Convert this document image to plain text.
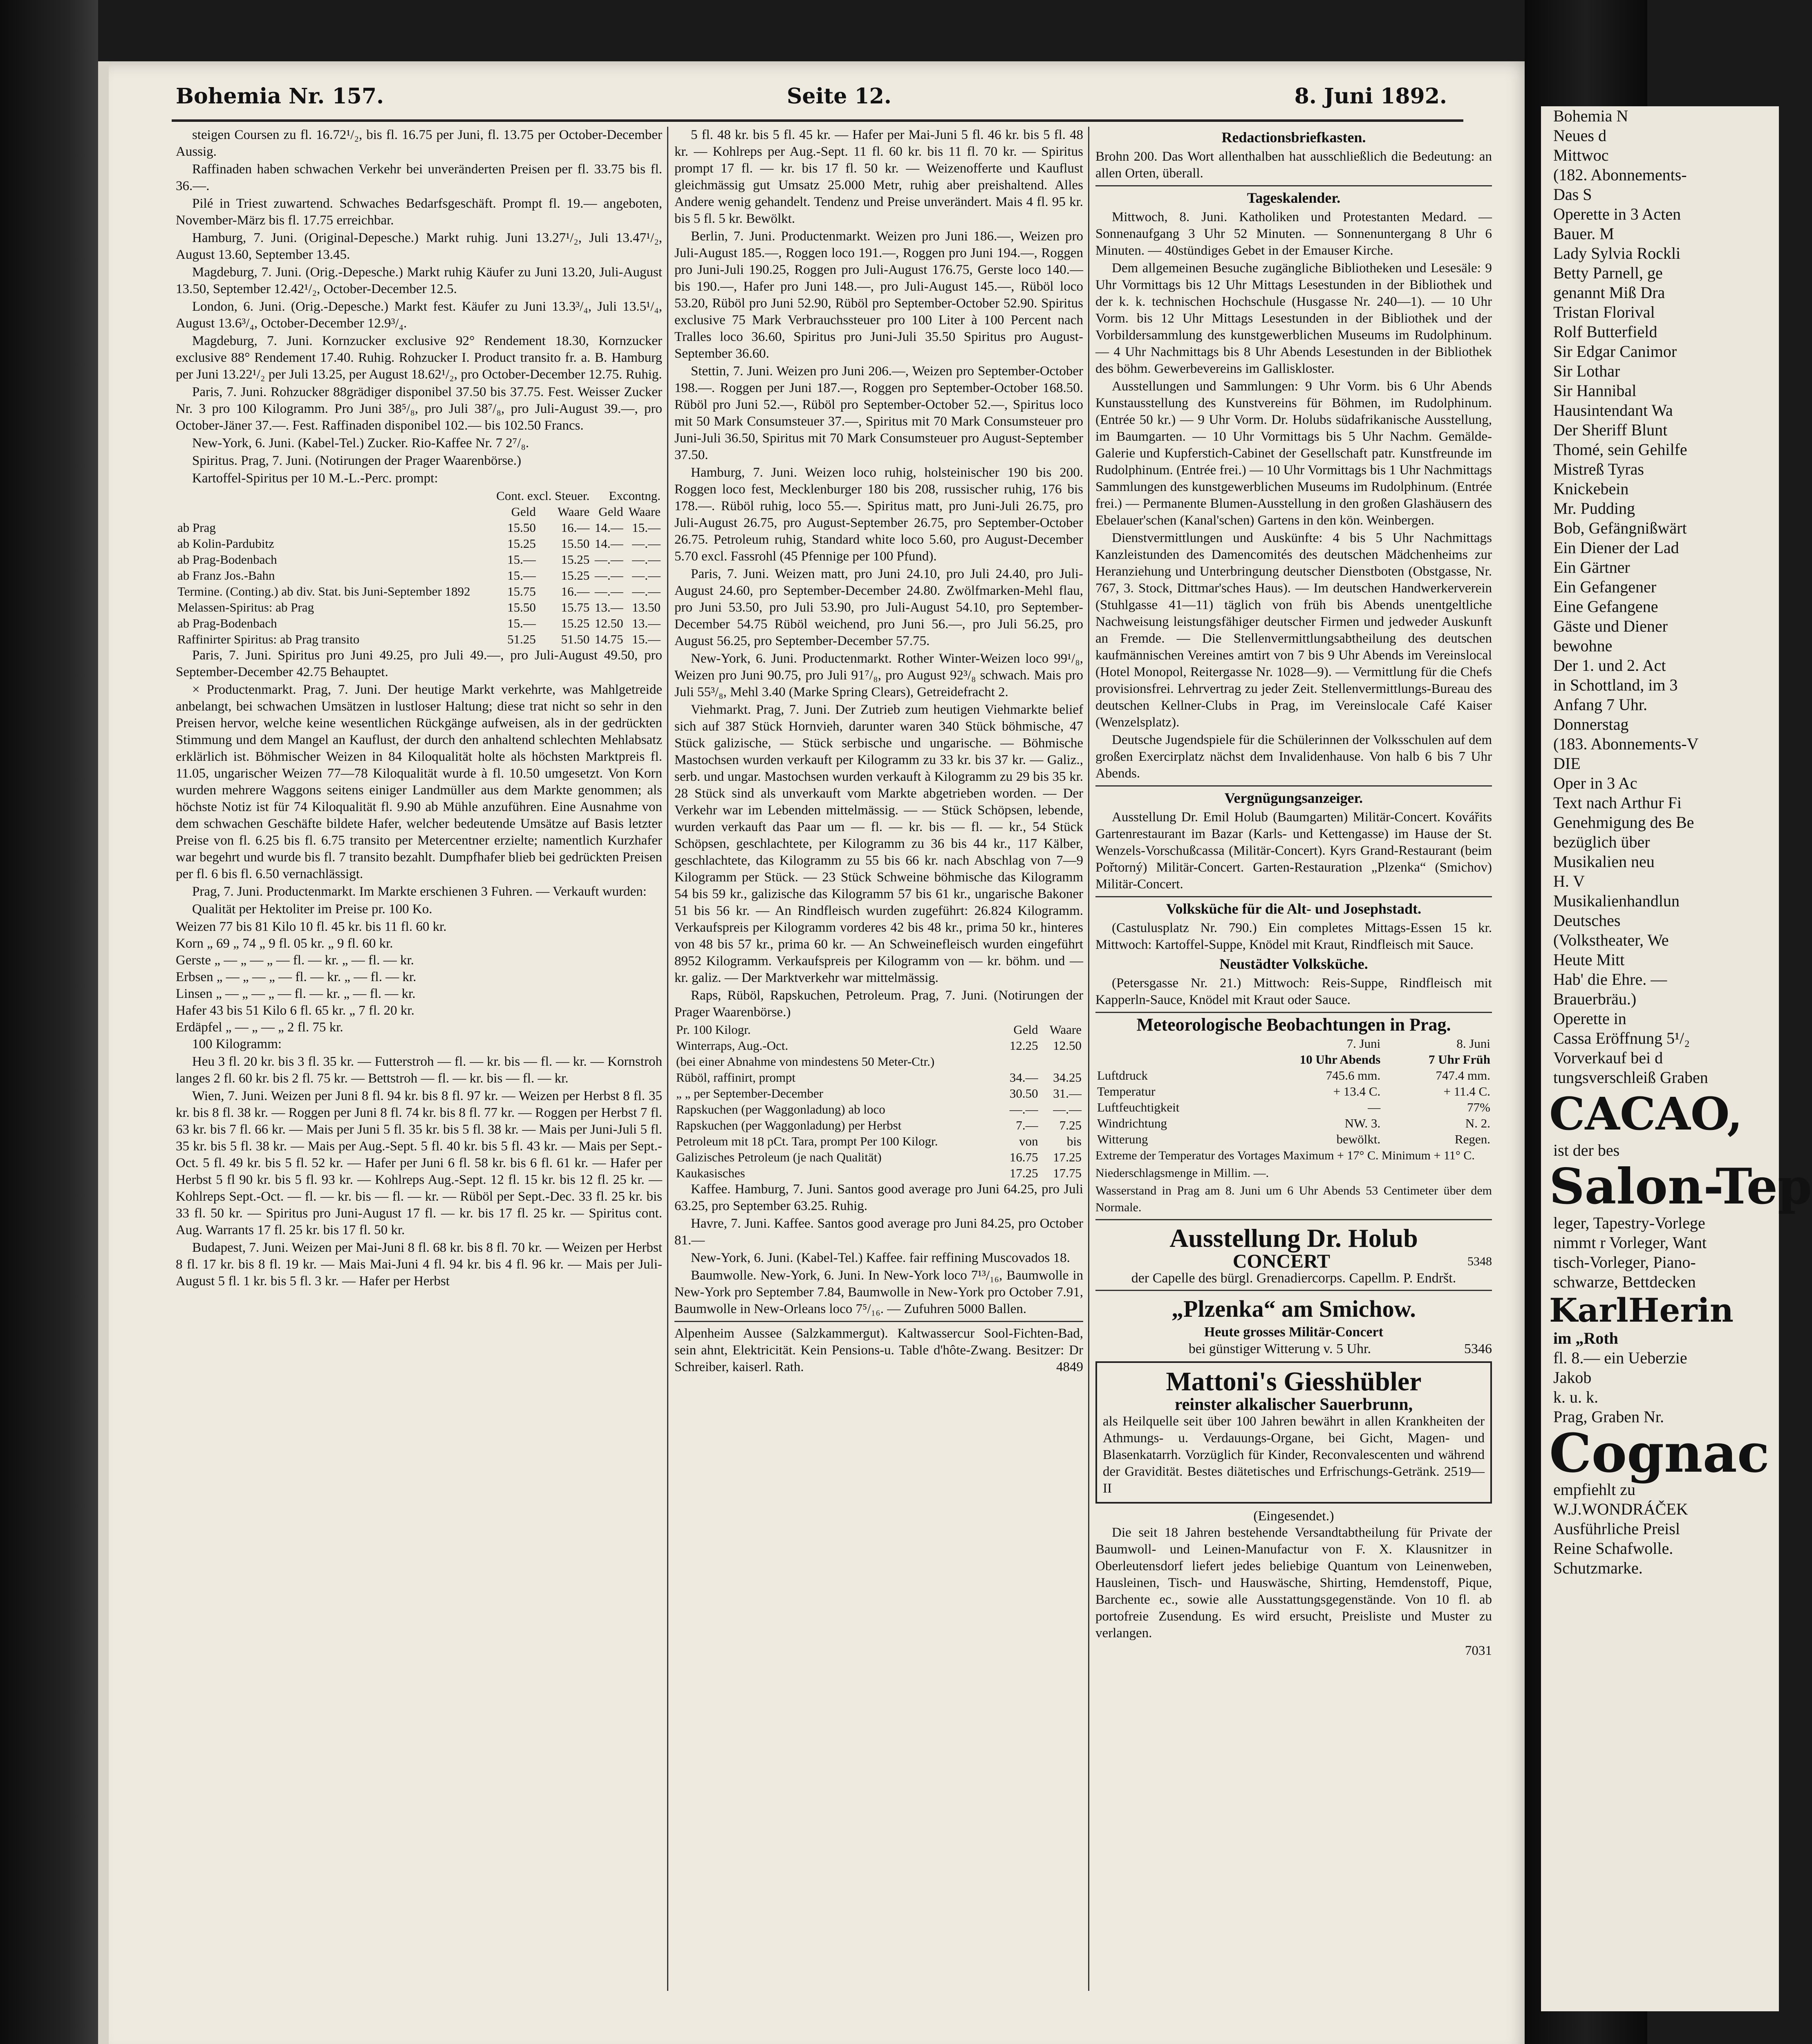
Bohemia Nr. 157.	Seite 12.	8. Juni 1892.

steigen Coursen zu fl. 16.72¹/₂, bis fl. 16.75 per Juni, fl. 13.75 per October-December Aussig.

Raffinaden haben schwachen Verkehr bei unveränderten Preisen per fl. 33.75 bis fl. 36.—.

Pilé in Triest zuwartend. Schwaches Bedarfsgeschäft. Prompt fl. 19.— angeboten, November-März bis fl. 17.75 erreichbar.

Hamburg, 7. Juni. (Original-Depesche.) Markt ruhig. Juni 13.27¹/₂, Juli 13.47¹/₂, August 13.60, September 13.45.

Magdeburg, 7. Juni. (Orig.-Depesche.) Markt ruhig Käufer zu Juni 13.20, Juli-August 13.50, September 12.42¹/₂, October-December 12.5.

London, 6. Juni. (Orig.-Depesche.) Markt fest. Käufer zu Juni 13.3³/₄, Juli 13.5¹/₄, August 13.6³/₄, October-December 12.9³/₄.

Magdeburg, 7. Juni. Kornzucker exclusive 92° Rendement 18.30, Kornzucker exclusive 88° Rendement 17.40. Ruhig. Rohzucker I. Product transito fr. a. B. Hamburg per Juni 13.22¹/₂ per Juli 13.25, per August 18.62¹/₂, pro October-December 12.75. Ruhig.

Paris, 7. Juni. Rohzucker 88grädiger disponibel 37.50 bis 37.75. Fest. Weisser Zucker Nr. 3 pro 100 Kilogramm. Pro Juni 38⁵/₈, pro Juli 38⁷/₈, pro Juli-August 39.—, pro October-Jäner 37.—. Fest. Raffinaden disponibel 102.— bis 102.50 Francs.

New-York, 6. Juni. (Kabel-Tel.) Zucker. Rio-Kaffee Nr. 7 2⁷/₈.

Spiritus. Prag, 7. Juni. (Notirungen der Prager Waarenbörse.)

Kartoffel-Spiritus per 10 M.-L.-Perc. prompt:

	Cont. excl. Steuer.		Excontng.	
	Geld	Waare	Geld	Waare
ab Prag	15.50	16.—	14.—	15.—
ab Kolin-Pardubitz	15.25	15.50	14.—	—.—
ab Prag-Bodenbach	15.—	15.25	—.—	—.—
ab Franz Jos.-Bahn	15.—	15.25	—.—	—.—
Termine. (Conting.) ab div. Stat. bis Juni-September 1892	15.75	16.—	—.—	—.—
Melassen-Spiritus: ab Prag	15.50	15.75	13.—	13.50
ab Prag-Bodenbach	15.—	15.25	12.50	13.—
Raffinirter Spiritus: ab Prag transito	51.25	51.50	14.75	15.—

Paris, 7. Juni. Spiritus pro Juni 49.25, pro Juli 49.—, pro Juli-August 49.50, pro September-December 42.75 Behauptet.

× Productenmarkt. Prag, 7. Juni. Der heutige Markt verkehrte, was Mahlgetreide anbelangt, bei schwachen Umsätzen in lustloser Haltung; diese trat nicht so sehr in den Preisen hervor, welche keine wesentlichen Rückgänge aufweisen, als in der gedrückten Stimmung und dem Mangel an Kauflust, der durch den anhaltend schlechten Mehlabsatz erklärlich ist. Böhmischer Weizen in 84 Kiloqualität holte als höchsten Marktpreis fl. 11.05, ungarischer Weizen 77—78 Kiloqualität wurde à fl. 10.50 umgesetzt. Von Korn wurden mehrere Waggons seitens einiger Landmüller aus dem Markte genommen; als höchste Notiz ist für 74 Kiloqualität fl. 9.90 ab Mühle anzuführen. Eine Ausnahme von dem schwachen Geschäfte bildete Hafer, welcher bedeutende Umsätze auf Basis letzter Preise von fl. 6.25 bis fl. 6.75 transito per Metercentner erzielte; namentlich Kurzhafer war begehrt und wurde bis fl. 7 transito bezahlt. Dumpfhafer blieb bei gedrückten Preisen per fl. 6 bis fl. 6.50 vernachlässigt.

Prag, 7. Juni. Productenmarkt. Im Markte erschienen 3 Fuhren. — Verkauft wurden:

Qualität per Hektoliter im Preise pr. 100 Ko.

Weizen 77 bis 81 Kilo 10 fl. 45 kr. bis 11 fl. 60 kr.
Korn „ 69 „ 74 „ 9 fl. 05 kr. „ 9 fl. 60 kr.
Gerste „ — „ — „ — fl. — kr. „ — fl. — kr.
Erbsen „ — „ — „ — fl. — kr. „ — fl. — kr.
Linsen „ — „ — „ — fl. — kr. „ — fl. — kr.
Hafer 43 bis 51 Kilo 6 fl. 65 kr. „ 7 fl. 20 kr.
Erdäpfel „ — „ — „ 2 fl. 75 kr.

100 Kilogramm:

Heu 3 fl. 20 kr. bis 3 fl. 35 kr. — Futterstroh — fl. — kr. bis — fl. — kr. — Kornstroh langes 2 fl. 60 kr. bis 2 fl. 75 kr. — Bettstroh — fl. — kr. bis — fl. — kr.

Wien, 7. Juni. Weizen per Juni 8 fl. 94 kr. bis 8 fl. 97 kr. — Weizen per Herbst 8 fl. 35 kr. bis 8 fl. 38 kr. — Roggen per Juni 8 fl. 74 kr. bis 8 fl. 77 kr. — Roggen per Herbst 7 fl. 63 kr. bis 7 fl. 66 kr. — Mais per Juni 5 fl. 35 kr. bis 5 fl. 38 kr. — Mais per Juni-Juli 5 fl. 35 kr. bis 5 fl. 38 kr. — Mais per Aug.-Sept. 5 fl. 40 kr. bis 5 fl. 43 kr. — Mais per Sept.-Oct. 5 fl. 49 kr. bis 5 fl. 52 kr. — Hafer per Juni 6 fl. 58 kr. bis 6 fl. 61 kr. — Hafer per Herbst 5 fl 90 kr. bis 5 fl. 93 kr. — Kohlreps Aug.-Sept. 12 fl. 15 kr. bis 12 fl. 25 kr. — Kohlreps Sept.-Oct. — fl. — kr. bis — fl. — kr. — Rüböl per Sept.-Dec. 33 fl. 25 kr. bis 33 fl. 50 kr. — Spiritus pro Juni-August 17 fl. — kr. bis 17 fl. 25 kr. — Spiritus cont. Aug. Warrants 17 fl. 25 kr. bis 17 fl. 50 kr.

Budapest, 7. Juni. Weizen per Mai-Juni 8 fl. 68 kr. bis 8 fl. 70 kr. — Weizen per Herbst 8 fl. 17 kr. bis 8 fl. 19 kr. — Mais Mai-Juni 4 fl. 94 kr. bis 4 fl. 96 kr. — Mais per Juli-August 5 fl. 1 kr. bis 5 fl. 3 kr. — Hafer per Herbst

5 fl. 48 kr. bis 5 fl. 45 kr. — Hafer per Mai-Juni 5 fl. 46 kr. bis 5 fl. 48 kr. — Kohlreps per Aug.-Sept. 11 fl. 60 kr. bis 11 fl. 70 kr. — Spiritus prompt 17 fl. — kr. bis 17 fl. 50 kr. — Weizenofferte und Kauflust gleichmässig gut Umsatz 25.000 Metr, ruhig aber preishaltend. Alles Andere wenig gehandelt. Tendenz und Preise unverändert. Mais 4 fl. 95 kr. bis 5 fl. 5 kr. Bewölkt.

Berlin, 7. Juni. Productenmarkt. Weizen pro Juni 186.—, Weizen pro Juli-August 185.—, Roggen loco 191.—, Roggen pro Juni 194.—, Roggen pro Juni-Juli 190.25, Roggen pro Juli-August 176.75, Gerste loco 140.— bis 190.—, Hafer pro Juni 148.—, pro Juli-August 145.—, Rüböl loco 53.20, Rüböl pro Juni 52.90, Rüböl pro September-October 52.90. Spiritus exclusive 75 Mark Verbrauchssteuer pro 100 Liter à 100 Percent nach Tralles loco 36.60, Spiritus pro Juni-Juli 35.50 Spiritus pro August-September 36.60.

Stettin, 7. Juni. Weizen pro Juni 206.—, Weizen pro September-October 198.—. Roggen per Juni 187.—, Roggen pro September-October 168.50. Rüböl pro Juni 52.—, Rüböl pro September-October 52.—, Spiritus loco mit 50 Mark Consumsteuer 37.—, Spiritus mit 70 Mark Consumsteuer pro Juni-Juli 36.50, Spiritus mit 70 Mark Consumsteuer pro August-September 37.50.

Hamburg, 7. Juni. Weizen loco ruhig, holsteinischer 190 bis 200. Roggen loco fest, Mecklenburger 180 bis 208, russischer ruhig, 176 bis 178.—. Rüböl ruhig, loco 55.—. Spiritus matt, pro Juni-Juli 26.75, pro Juli-August 26.75, pro August-September 26.75, pro September-October 26.75. Petroleum ruhig, Standard white loco 5.60, pro August-December 5.70 excl. Fassrohl (45 Pfennige per 100 Pfund).

Paris, 7. Juni. Weizen matt, pro Juni 24.10, pro Juli 24.40, pro Juli-August 24.60, pro September-December 24.80. Zwölfmarken-Mehl flau, pro Juni 53.50, pro Juli 53.90, pro Juli-August 54.10, pro September-December 54.75 Rüböl weichend, pro Juni 56.—, pro Juli 56.25, pro August 56.25, pro September-December 57.75.

New-York, 6. Juni. Productenmarkt. Rother Winter-Weizen loco 99¹/₈, Weizen pro Juni 90.75, pro Juli 91⁷/₈, pro August 92³/₈ schwach. Mais pro Juli 55³/₈, Mehl 3.40 (Marke Spring Clears), Getreidefracht 2.

Viehmarkt. Prag, 7. Juni. Der Zutrieb zum heutigen Viehmarkte belief sich auf 387 Stück Hornvieh, darunter waren 340 Stück böhmische, 47 Stück galizische, — Stück serbische und ungarische. — Böhmische Mastochsen wurden verkauft per Kilogramm zu 33 kr. bis 37 kr. — Galiz., serb. und ungar. Mastochsen wurden verkauft à Kilogramm zu 29 bis 35 kr. 28 Stück sind als unverkauft vom Markte abgetrieben worden. — Der Verkehr war im Lebenden mittelmässig. — — Stück Schöpsen, lebende, wurden verkauft das Paar um — fl. — kr. bis — fl. — kr., 54 Stück Schöpsen, geschlachtete, per Kilogramm zu 36 bis 44 kr., 117 Kälber, geschlachtete, das Kilogramm zu 55 bis 66 kr. nach Abschlag von 7—9 Kilogramm per Stück. — 23 Stück Schweine böhmische das Kilogramm 54 bis 59 kr., galizische das Kilogramm 57 bis 61 kr., ungarische Bakoner 51 bis 56 kr. — An Rindfleisch wurden zugeführt: 26.824 Kilogramm. Verkaufspreis per Kilogramm vorderes 42 bis 48 kr., prima 50 kr., hinteres von 48 bis 57 kr., prima 60 kr. — An Schweinefleisch wurden eingeführt 8952 Kilogramm. Verkaufspreis per Kilogramm von — kr. böhm. und — kr. galiz. — Der Marktverkehr war mittelmässig.

Raps, Rüböl, Rapskuchen, Petroleum. Prag, 7. Juni. (Notirungen der Prager Waarenbörse.)

Pr. 100 Kilogr.	Geld	Waare
Winterraps, Aug.-Oct.	12.25	12.50
(bei einer Abnahme von mindestens 50 Meter-Ctr.)		
Rüböl, raffinirt, prompt	34.—	34.25
„ „ per September-December	30.50	31.—
Rapskuchen (per Waggonladung) ab loco	—.—	—.—
Rapskuchen (per Waggonladung) per Herbst	7.—	7.25
Petroleum mit 18 pCt. Tara, prompt Per 100 Kilogr.	von	bis
Galizisches Petroleum (je nach Qualität)	16.75	17.25
Kaukasisches	17.25	17.75

Kaffee. Hamburg, 7. Juni. Santos good average pro Juni 64.25, pro Juli 63.25, pro September 63.25. Ruhig.

Havre, 7. Juni. Kaffee. Santos good average pro Juni 84.25, pro October 81.—

New-York, 6. Juni. (Kabel-Tel.) Kaffee. fair reffining Muscovados 18.

Baumwolle. New-York, 6. Juni. In New-York loco 7¹³/₁₆, Baumwolle in New-York pro September 7.84, Baumwolle in New-York pro October 7.91, Baumwolle in New-Orleans loco 7⁵/₁₆. — Zufuhren 5000 Ballen.

Alpenheim Aussee (Salzkammergut). Kaltwassercur Sool-Fichten-Bad, sein ahnt, Elektricität. Kein Pensions-u. Table d'hôte-Zwang. Besitzer: Dr Schreiber, kaiserl. Rath.	4849

Redactionsbriefkasten.

Brohn 200. Das Wort allenthalben hat ausschließlich die Bedeutung: an allen Orten, überall.

Tageskalender.

Mittwoch, 8. Juni. Katholiken und Protestanten Medard. — Sonnenaufgang 3 Uhr 52 Minuten. — Sonnenuntergang 8 Uhr 6 Minuten. — 40stündiges Gebet in der Emauser Kirche.

Dem allgemeinen Besuche zugängliche Bibliotheken und Lesesäle: 9 Uhr Vormittags bis 12 Uhr Mittags Lesestunden in der Bibliothek und der k. k. technischen Hochschule (Husgasse Nr. 240—1). — 10 Uhr Vorm. bis 12 Uhr Mittags Lesestunden in der Bibliothek und der Vorbildersammlung des kunstgewerblichen Museums im Rudolphinum. — 4 Uhr Nachmittags bis 8 Uhr Abends Lesestunden in der Bibliothek des böhm. Gewerbevereins im Galliskloster.

Ausstellungen und Sammlungen: 9 Uhr Vorm. bis 6 Uhr Abends Kunstausstellung des Kunstvereins für Böhmen, im Rudolphinum. (Entrée 50 kr.) — 9 Uhr Vorm. Dr. Holubs südafrikanische Ausstellung, im Baumgarten. — 10 Uhr Vormittags bis 5 Uhr Nachm. Gemälde-Galerie und Kupferstich-Cabinet der Gesellschaft patr. Kunstfreunde im Rudolphinum. (Entrée frei.) — 10 Uhr Vormittags bis 1 Uhr Nachmittags Sammlungen des kunstgewerblichen Museums im Rudolphinum. (Entrée frei.) — Permanente Blumen-Ausstellung in den großen Glashäusern des Ebelauer'schen (Kanal'schen) Gartens in den kön. Weinbergen.

Dienstvermittlungen und Auskünfte: 4 bis 5 Uhr Nachmittags Kanzleistunden des Damencomités des deutschen Mädchenheims zur Heranziehung und Unterbringung deutscher Dienstboten (Obstgasse, Nr. 767, 3. Stock, Dittmar'sches Haus). — Im deutschen Handwerkerverein (Stuhlgasse 41—11) täglich von früh bis Abends unentgeltliche Nachweisung leistungsfähiger deutscher Firmen und jedweder Auskunft an Fremde. — Die Stellenvermittlungsabtheilung des deutschen kaufmännischen Vereines amtirt von 7 bis 9 Uhr Abends im Vereinslocal (Hotel Monopol, Reitergasse Nr. 1028—9). — Vermittlung für die Chefs provisionsfrei. Lehrvertrag zu jeder Zeit. Stellenvermittlungs-Bureau des deutschen Kellner-Clubs in Prag, im Vereinslocale Café Kaiser (Wenzelsplatz).

Deutsche Jugendspiele für die Schülerinnen der Volksschulen auf dem großen Exercirplatz nächst dem Invalidenhause. Von halb 6 bis 7 Uhr Abends.

Vergnügungsanzeiger.

Ausstellung Dr. Emil Holub (Baumgarten) Militär-Concert. Kovářits Gartenrestaurant im Bazar (Karls- und Kettengasse) im Hause der St. Wenzels-Vorschußcassa (Militär-Concert). Kyrs Grand-Restaurant (beim Pořtorný) Militär-Concert. Garten-Restauration „Plzenka“ (Smichov) Militär-Concert.

Volksküche für die Alt- und Josephstadt.

(Castulusplatz Nr. 790.) Ein completes Mittags-Essen 15 kr. Mittwoch: Kartoffel-Suppe, Knödel mit Kraut, Rindfleisch mit Sauce.

Neustädter Volksküche.

(Petersgasse Nr. 21.) Mittwoch: Reis-Suppe, Rindfleisch mit Kapperln-Sauce, Knödel mit Kraut oder Sauce.

Meteorologische Beobachtungen in Prag.
	7. Juni	8. Juni
	10 Uhr Abends	7 Uhr Früh
Luftdruck	745.6 mm.	747.4 mm.
Temperatur	+ 13.4 C.	+ 11.4 C.
Luftfeuchtigkeit	—	77%
Windrichtung	NW. 3.	N. 2.
Witterung	bewölkt.	Regen.

Extreme der Temperatur des Vortages Maximum + 17° C. Minimum + 11° C.

Niederschlagsmenge in Millim. —.

Wasserstand in Prag am 8. Juni um 6 Uhr Abends 53 Centimeter über dem Normale.

Ausstellung Dr. Holub
CONCERT	5348
der Capelle des bürgl. Grenadiercorps. Capellm. P. Endršt.
„Plzenka“ am Smichow.
Heute grosses Militär-Concert
bei günstiger Witterung v. 5 Uhr.	5346
Mattoni's Giesshübler
reinster alkalischer Sauerbrunn,

als Heilquelle seit über 100 Jahren bewährt in allen Krankheiten der Athmungs- u. Verdauungs-Organe, bei Gicht, Magen- und Blasenkatarrh. Vorzüglich für Kinder, Reconvalescenten und während der Gravidität. Bestes diätetisches und Erfrischungs-Getränk. 2519—II

(Eingesendet.)

Die seit 18 Jahren bestehende Versandtabtheilung für Private der Baumwoll- und Leinen-Manufactur von F. X. Klausnitzer in Oberleutensdorf liefert jedes beliebige Quantum von Leinenweben, Hausleinen, Tisch- und Hauswäsche, Shirting, Hemdenstoff, Pique, Barchente ec., sowie alle Ausstattungsgegenstände. Von 10 fl. ab portofreie Zusendung. Es wird ersucht, Preisliste und Muster zu verlangen.

7031

Bohemia N
Neues d
Mittwoc
(182. Abonnements-
Das S
Operette in 3 Acten
Bauer. M
Lady Sylvia Rockli
Betty Parnell, ge
genannt Miß Dra
Tristan Florival
Rolf Butterfield
Sir Edgar Canimor
Sir Lothar
Sir Hannibal
Hausintendant Wa
Der Sheriff Blunt
Thomé, sein Gehilfe
Mistreß Tyras
Knickebein
Mr. Pudding
Bob, Gefängnißwärt
Ein Diener der Lad
Ein Gärtner
Ein Gefangener
Eine Gefangene
Gäste und Diener
bewohne
Der 1. und 2. Act
in Schottland, im 3
Anfang 7 Uhr.
Donnerstag
(183. Abonnements-V
DIE
Oper in 3 Ac
Text nach Arthur Fi
Genehmigung des Be
bezüglich über
Musikalien neu
H. V
Musikalienhandlun
Deutsches
(Volkstheater, We
Heute Mitt
Hab' die Ehre. —
Brauerbräu.)
Operette in
Cassa Eröffnung 5¹/₂
Vorverkauf bei d
tungsverschleiß Graben
CACAO,
ist der bes
Salon-Tep
leger, Tapestry-Vorlege
nimmt r Vorleger, Want
tisch-Vorleger, Piano-
schwarze, Bettdecken
KarlHerin
im „Roth
fl. 8.— ein Ueberzie
Jakob
k. u. k.
Prag, Graben Nr.
Cognac
empfiehlt zu
W.J.WONDRÁČEK
Ausführliche Preisl
Reine Schafwolle.
Schutzmarke.
